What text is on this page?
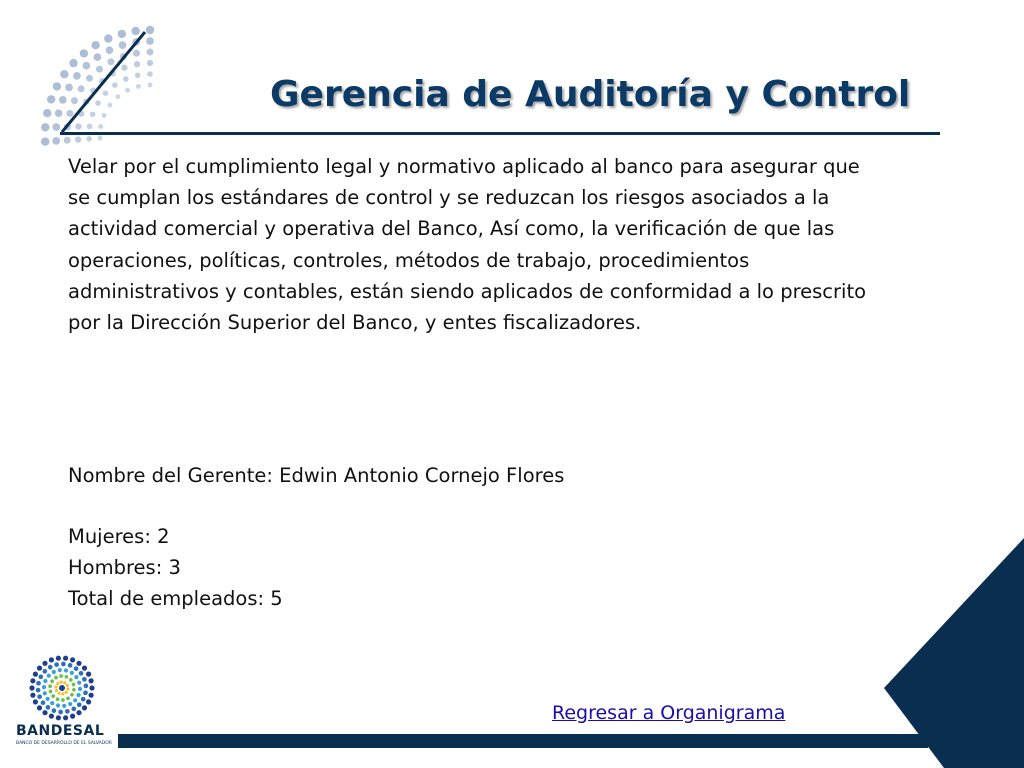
Gerencia de Auditoría y Control

Velar por el cumplimiento legal y normativo aplicado al banco para asegurar que
se cumplan los estándares de control y se reduzcan los riesgos asociados a la
actividad comercial y operativa del Banco, Así como, la verificación de que las
operaciones, políticas, controles, métodos de trabajo, procedimientos
administrativos y contables, están siendo aplicados de conformidad a lo prescrito
por la Dirección Superior del Banco, y entes fiscalizadores.

Nombre del Gerente: Edwin Antonio Cornejo Flores

Mujeres: 2

Hombres: 3

Total de empleados: 5

Regresar a Organigrama
BANDESAL
BANCO DE DESARROLLO DE EL SALVADOR
